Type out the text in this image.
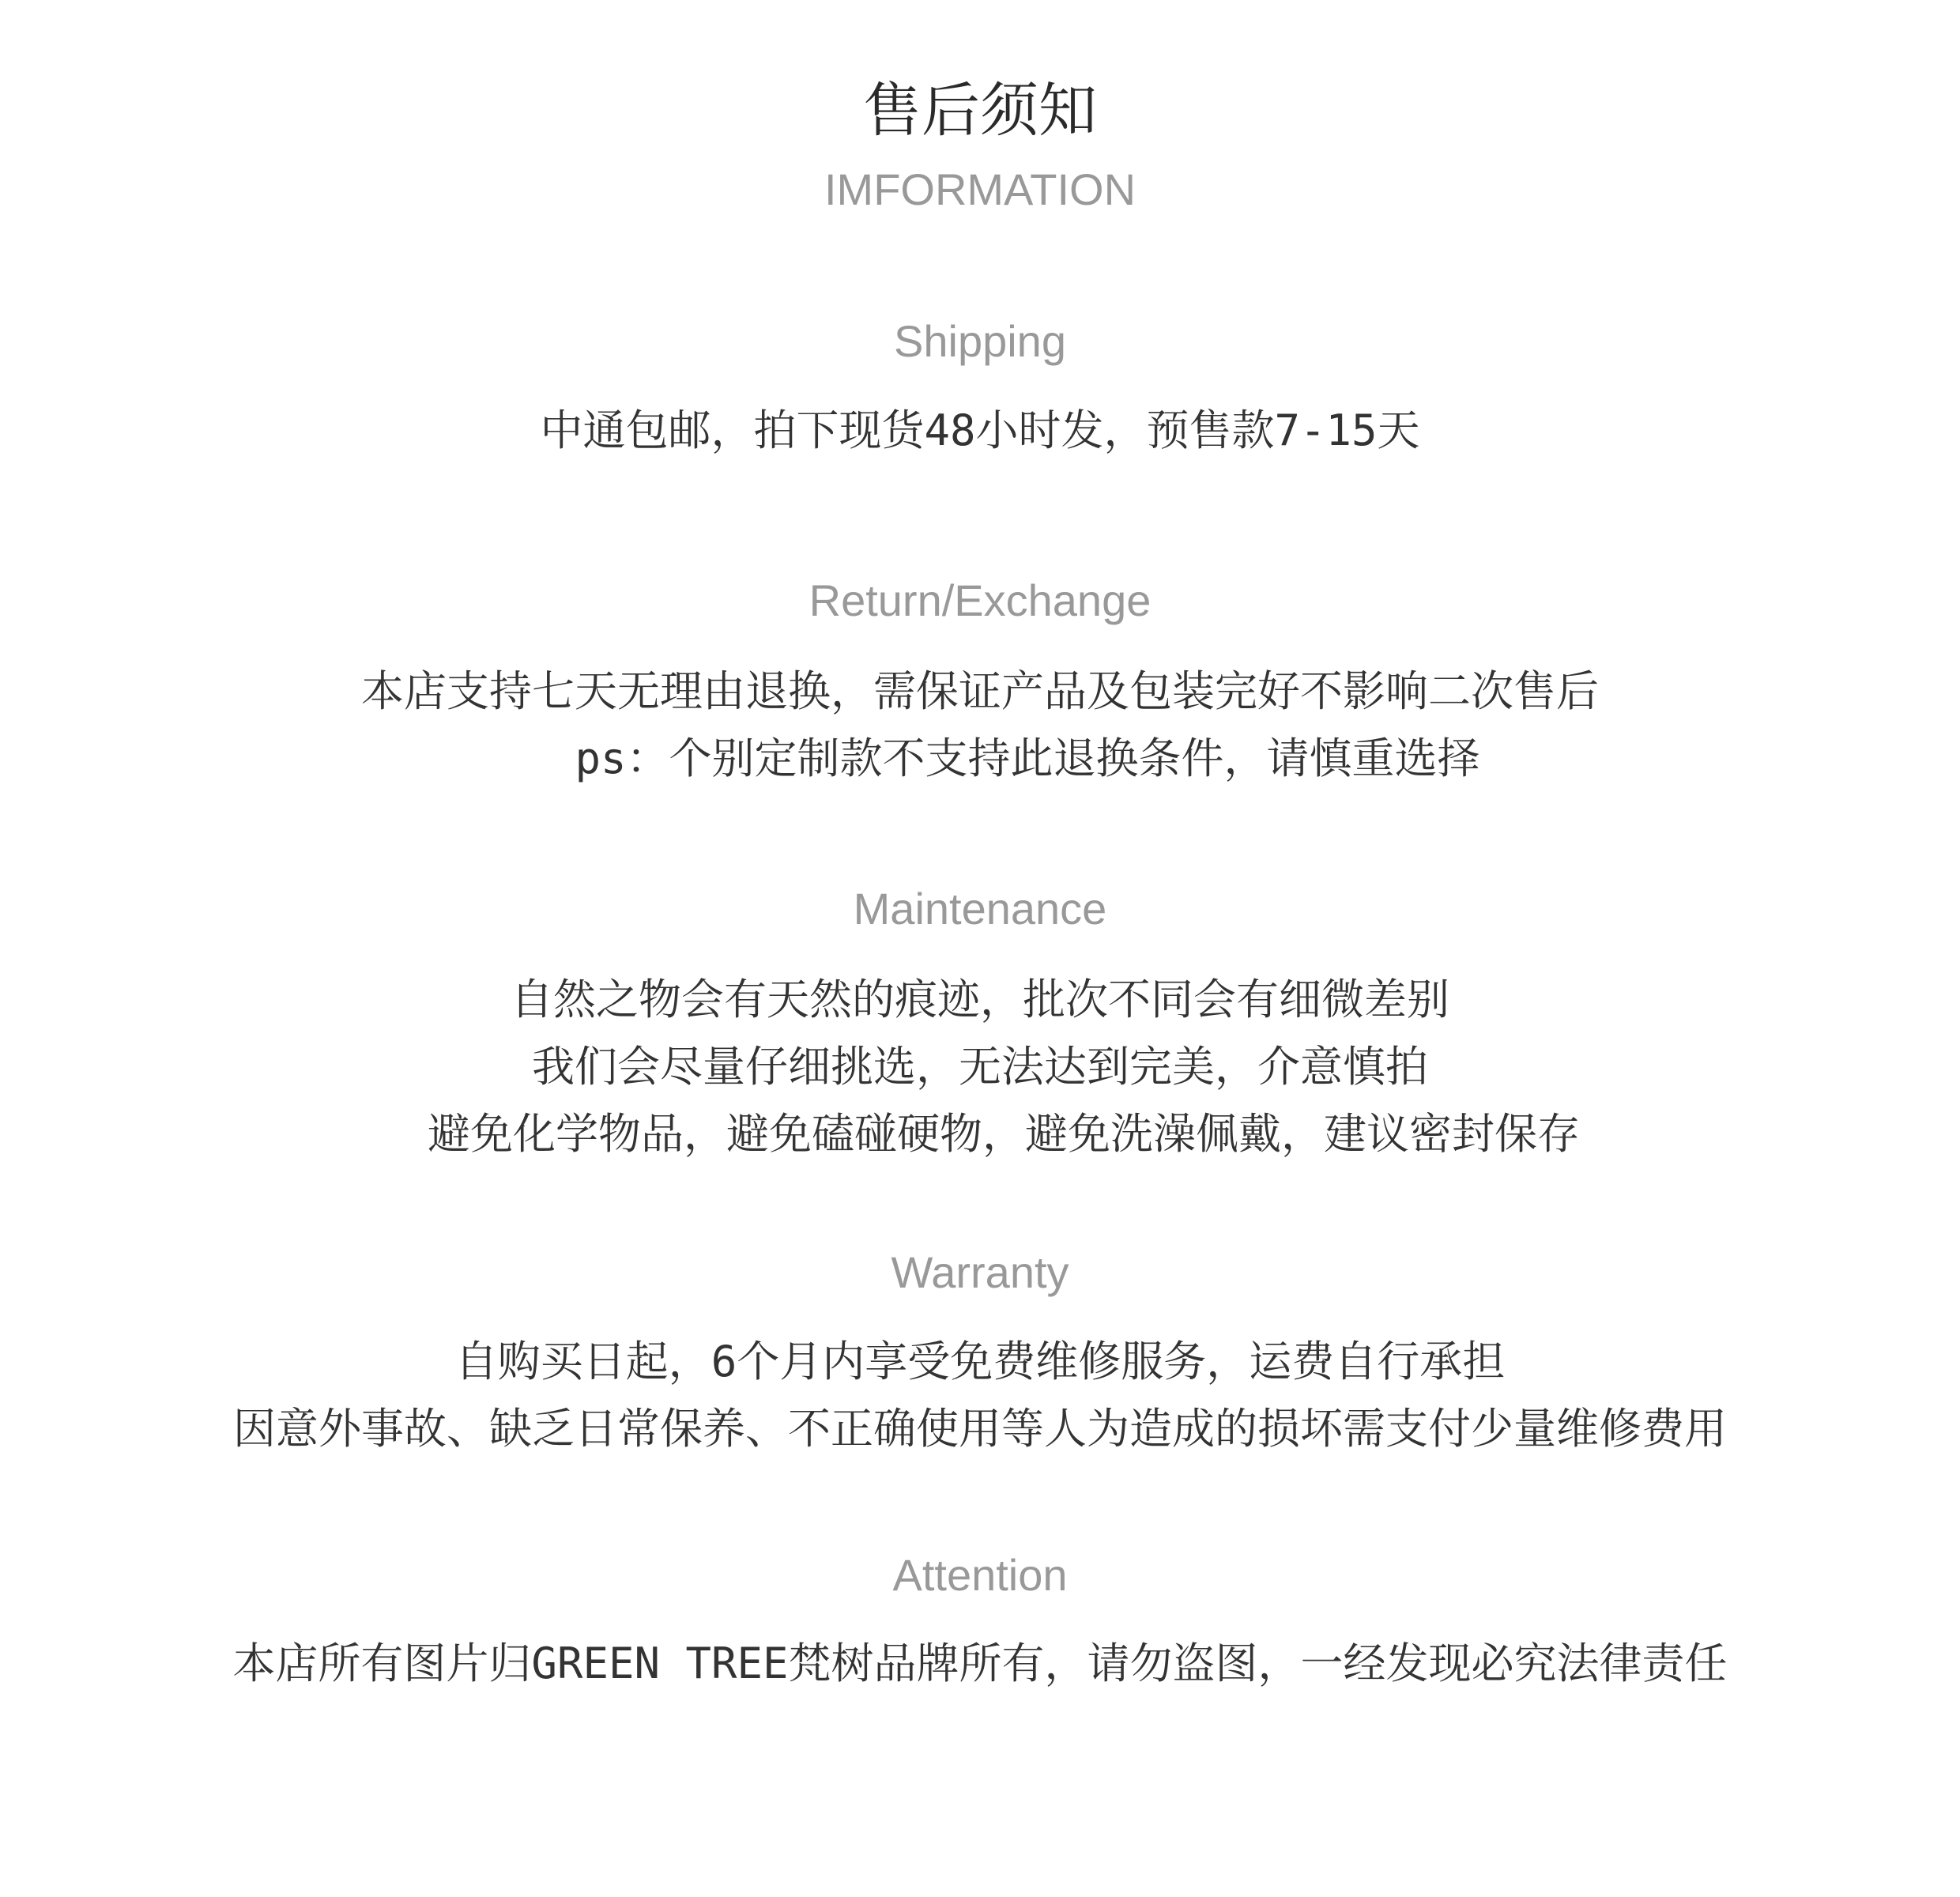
售后须知
IMFORMATION
Shipping
中通包邮，拍下现货48小时发，预售款7-15天
Return/Exchange
本店支持七天无理由退换，需保证产品及包装完好不影响二次售后
ps：个别定制款不支持此退换条件，请慎重选择
Maintenance
自然之物会有天然的痕迹，批次不同会有细微差别
我们会尽量仔细挑选，无法达到完美，介意慎拍
避免化学物品，避免磕碰硬物，避免洗澡佩戴，建议密封保存
Warranty
自购买日起，6个月内享受免费维修服务，运费自行承担
因意外事故、缺乏日常保养、不正确使用等人为造成的损坏需支付少量维修费用
Attention
本店所有图片归GREEN TREE梵树品牌所有，请勿盗图，一经发现必究法律责任
